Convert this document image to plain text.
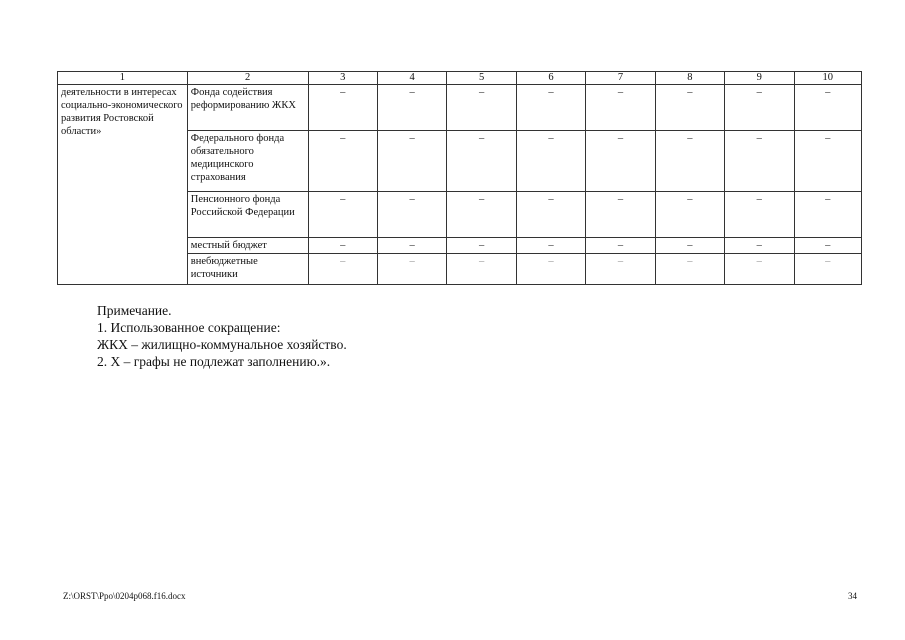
1	2	3	4	5	6	7	8	9	10
деятельности в интересах социально-экономического развития Ростовской области»	Фонда содействия реформированию ЖКХ	–	–	–	–	–	–	–	–
	Федерального фонда обязательного медицинского страхования	–	–	–	–	–	–	–	–
	Пенсионного фонда Российской Федерации	–	–	–	–	–	–	–	–
	местный бюджет	–	–	–	–	–	–	–	–
	внебюджетные источники	–	–	–	–	–	–	–	–
Примечание.
1. Использованное сокращение:
ЖКХ – жилищно-коммунальное хозяйство.
2. Х – графы не подлежат заполнению.».
Z:\ORST\Ppo\0204p068.f16.docx	34
